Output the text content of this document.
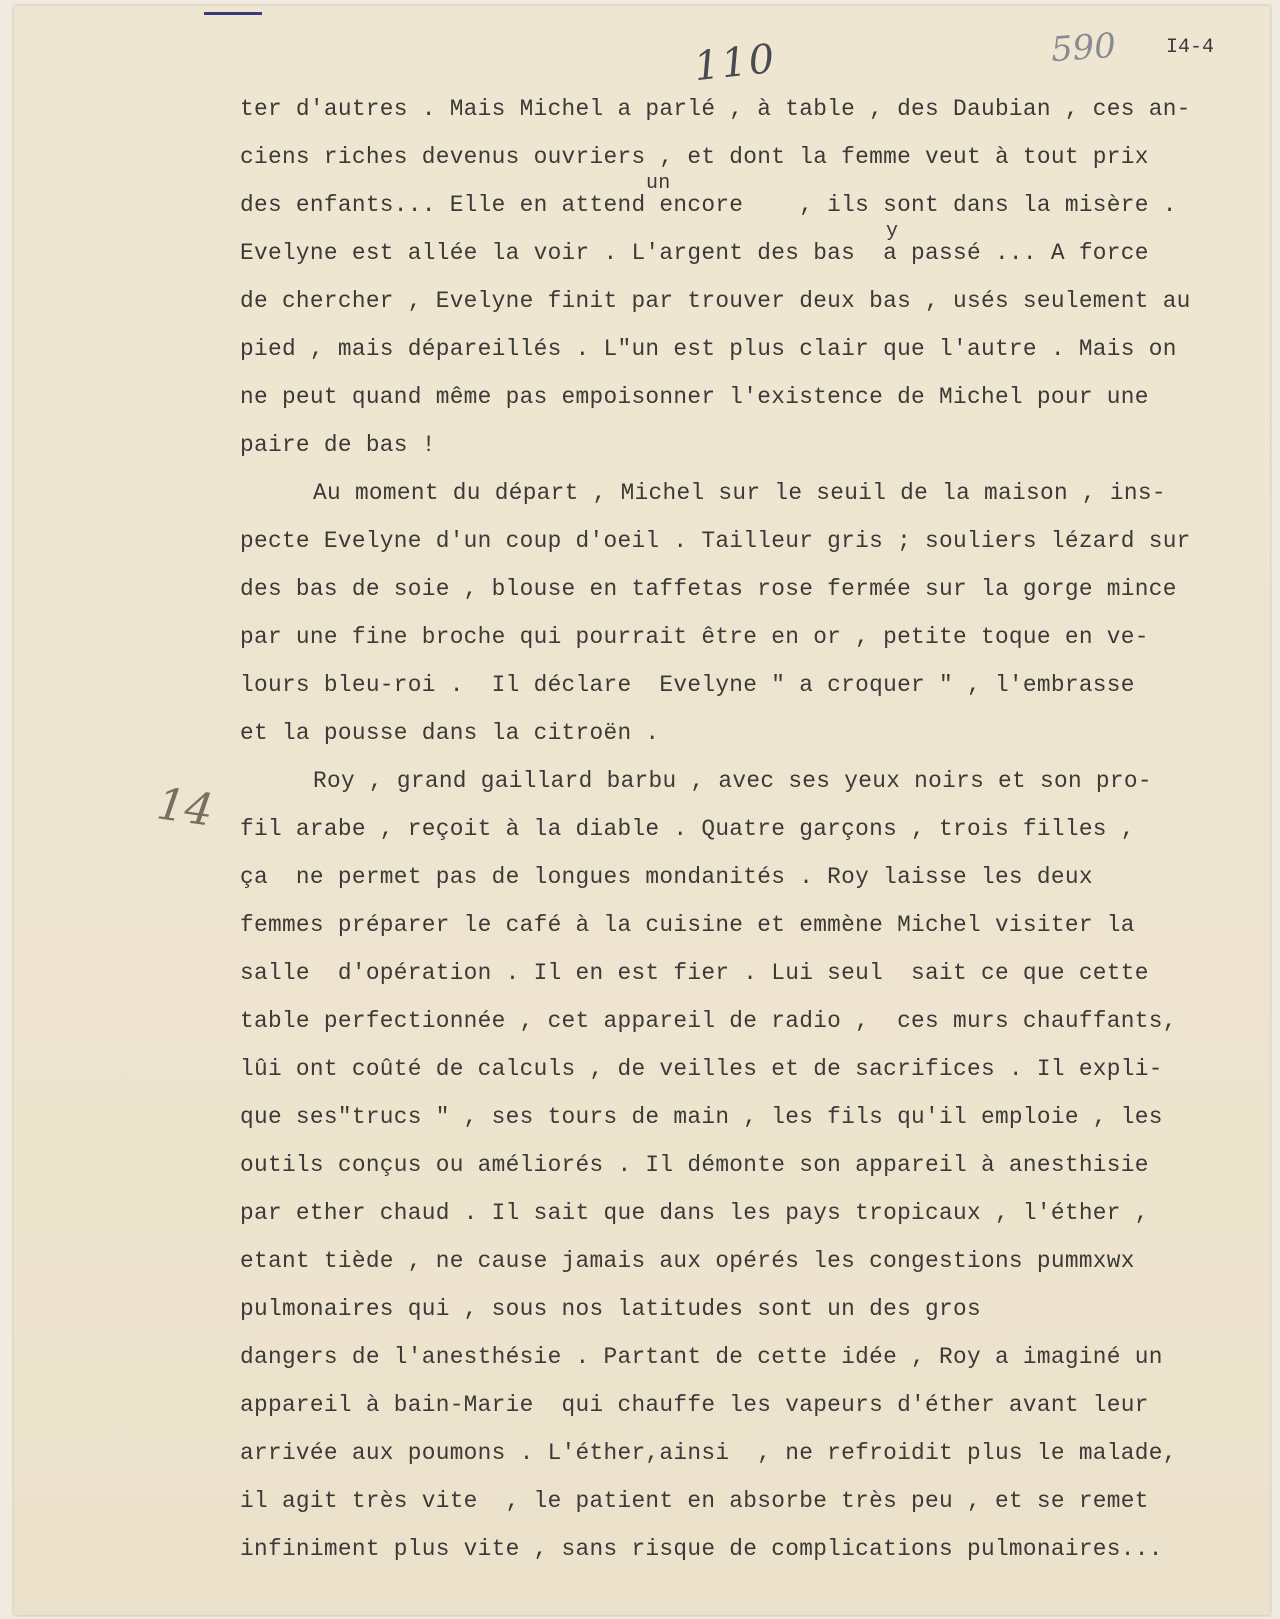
110	590 I4-4
14

ter d'autres . Mais Michel a parlé , à table , des Daubian , ces an-

ciens riches devenus ouvriers , et dont la femme veut à tout prix

un

des enfants... Elle en attend encore    , ils sont dans la misère .

y

Evelyne est allée la voir . L'argent des bas  a passé ... A force

de chercher , Evelyne finit par trouver deux bas , usés seulement au

pied , mais dépareillés . L"un est plus clair que l'autre . Mais on

ne peut quand même pas empoisonner l'existence de Michel pour une

paire de bas !

Au moment du départ , Michel sur le seuil de la maison , ins-

pecte Evelyne d'un coup d'oeil . Tailleur gris ; souliers lézard sur

des bas de soie , blouse en taffetas rose fermée sur la gorge mince

par une fine broche qui pourrait être en or , petite toque en ve-

lours bleu-roi .  Il déclare  Evelyne " a croquer " , l'embrasse

et la pousse dans la citroën .

Roy , grand gaillard barbu , avec ses yeux noirs et son pro-

fil arabe , reçoit à la diable . Quatre garçons , trois filles ,

ça  ne permet pas de longues mondanités . Roy laisse les deux

femmes préparer le café à la cuisine et emmène Michel visiter la

salle  d'opération . Il en est fier . Lui seul  sait ce que cette

table perfectionnée , cet appareil de radio ,  ces murs chauffants,

lûi ont coûté de calculs , de veilles et de sacrifices . Il expli-

que ses"trucs " , ses tours de main , les fils qu'il emploie , les

outils conçus ou améliorés . Il démonte son appareil à anesthisie

par ether chaud . Il sait que dans les pays tropicaux , l'éther ,

etant tiède , ne cause jamais aux opérés les congestions pummxwx

pulmonaires qui , sous nos latitudes sont un des gros

dangers de l'anesthésie . Partant de cette idée , Roy a imaginé un

appareil à bain-Marie  qui chauffe les vapeurs d'éther avant leur

arrivée aux poumons . L'éther,ainsi  , ne refroidit plus le malade,

il agit très vite  , le patient en absorbe très peu , et se remet

infiniment plus vite , sans risque de complications pulmonaires...
